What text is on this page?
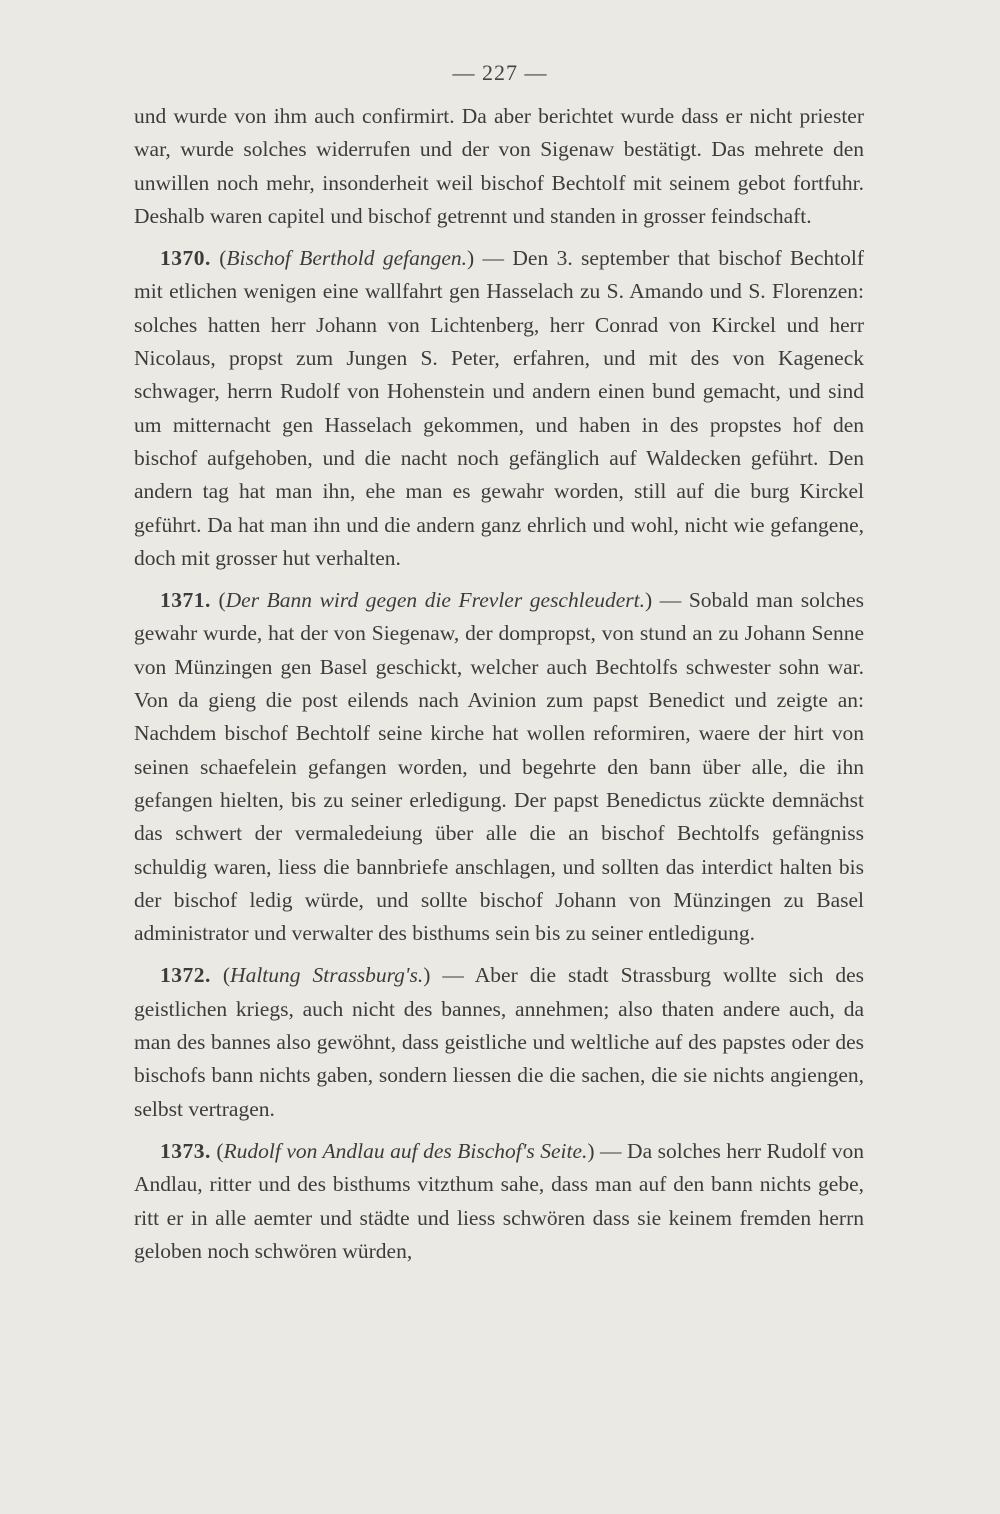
— 227 —

und wurde von ihm auch confirmirt. Da aber berichtet wurde dass er nicht priester war, wurde solches widerrufen und der von Sigenaw bestätigt. Das mehrete den unwillen noch mehr, insonderheit weil bischof Bechtolf mit seinem gebot fortfuhr. Deshalb waren capitel und bischof getrennt und standen in grosser feindschaft.

1370. (Bischof Berthold gefangen.) — Den 3. september that bischof Bechtolf mit etlichen wenigen eine wallfahrt gen Hasselach zu S. Amando und S. Florenzen: solches hatten herr Johann von Lichtenberg, herr Conrad von Kirckel und herr Nicolaus, propst zum Jungen S. Peter, erfahren, und mit des von Kageneck schwager, herrn Rudolf von Hohenstein und andern einen bund gemacht, und sind um mitternacht gen Hasselach gekommen, und haben in des propstes hof den bischof aufgehoben, und die nacht noch gefänglich auf Waldecken geführt. Den andern tag hat man ihn, ehe man es gewahr worden, still auf die burg Kirckel geführt. Da hat man ihn und die andern ganz ehrlich und wohl, nicht wie gefangene, doch mit grosser hut verhalten.

1371. (Der Bann wird gegen die Frevler geschleudert.) — Sobald man solches gewahr wurde, hat der von Siegenaw, der dompropst, von stund an zu Johann Senne von Münzingen gen Basel geschickt, welcher auch Bechtolfs schwester sohn war. Von da gieng die post eilends nach Avinion zum papst Benedict und zeigte an: Nachdem bischof Bechtolf seine kirche hat wollen reformiren, waere der hirt von seinen schaefelein gefangen worden, und begehrte den bann über alle, die ihn gefangen hielten, bis zu seiner erledigung. Der papst Benedictus zückte demnächst das schwert der vermaledeiung über alle die an bischof Bechtolfs gefängniss schuldig waren, liess die bannbriefe anschlagen, und sollten das interdict halten bis der bischof ledig würde, und sollte bischof Johann von Münzingen zu Basel administrator und verwalter des bisthums sein bis zu seiner entledigung.

1372. (Haltung Strassburg's.) — Aber die stadt Strassburg wollte sich des geistlichen kriegs, auch nicht des bannes, annehmen; also thaten andere auch, da man des bannes also gewöhnt, dass geistliche und weltliche auf des papstes oder des bischofs bann nichts gaben, sondern liessen die die sachen, die sie nichts angiengen, selbst vertragen.

1373. (Rudolf von Andlau auf des Bischof's Seite.) — Da solches herr Rudolf von Andlau, ritter und des bisthums vitzthum sahe, dass man auf den bann nichts gebe, ritt er in alle aemter und städte und liess schwören dass sie keinem fremden herrn geloben noch schwören würden,
